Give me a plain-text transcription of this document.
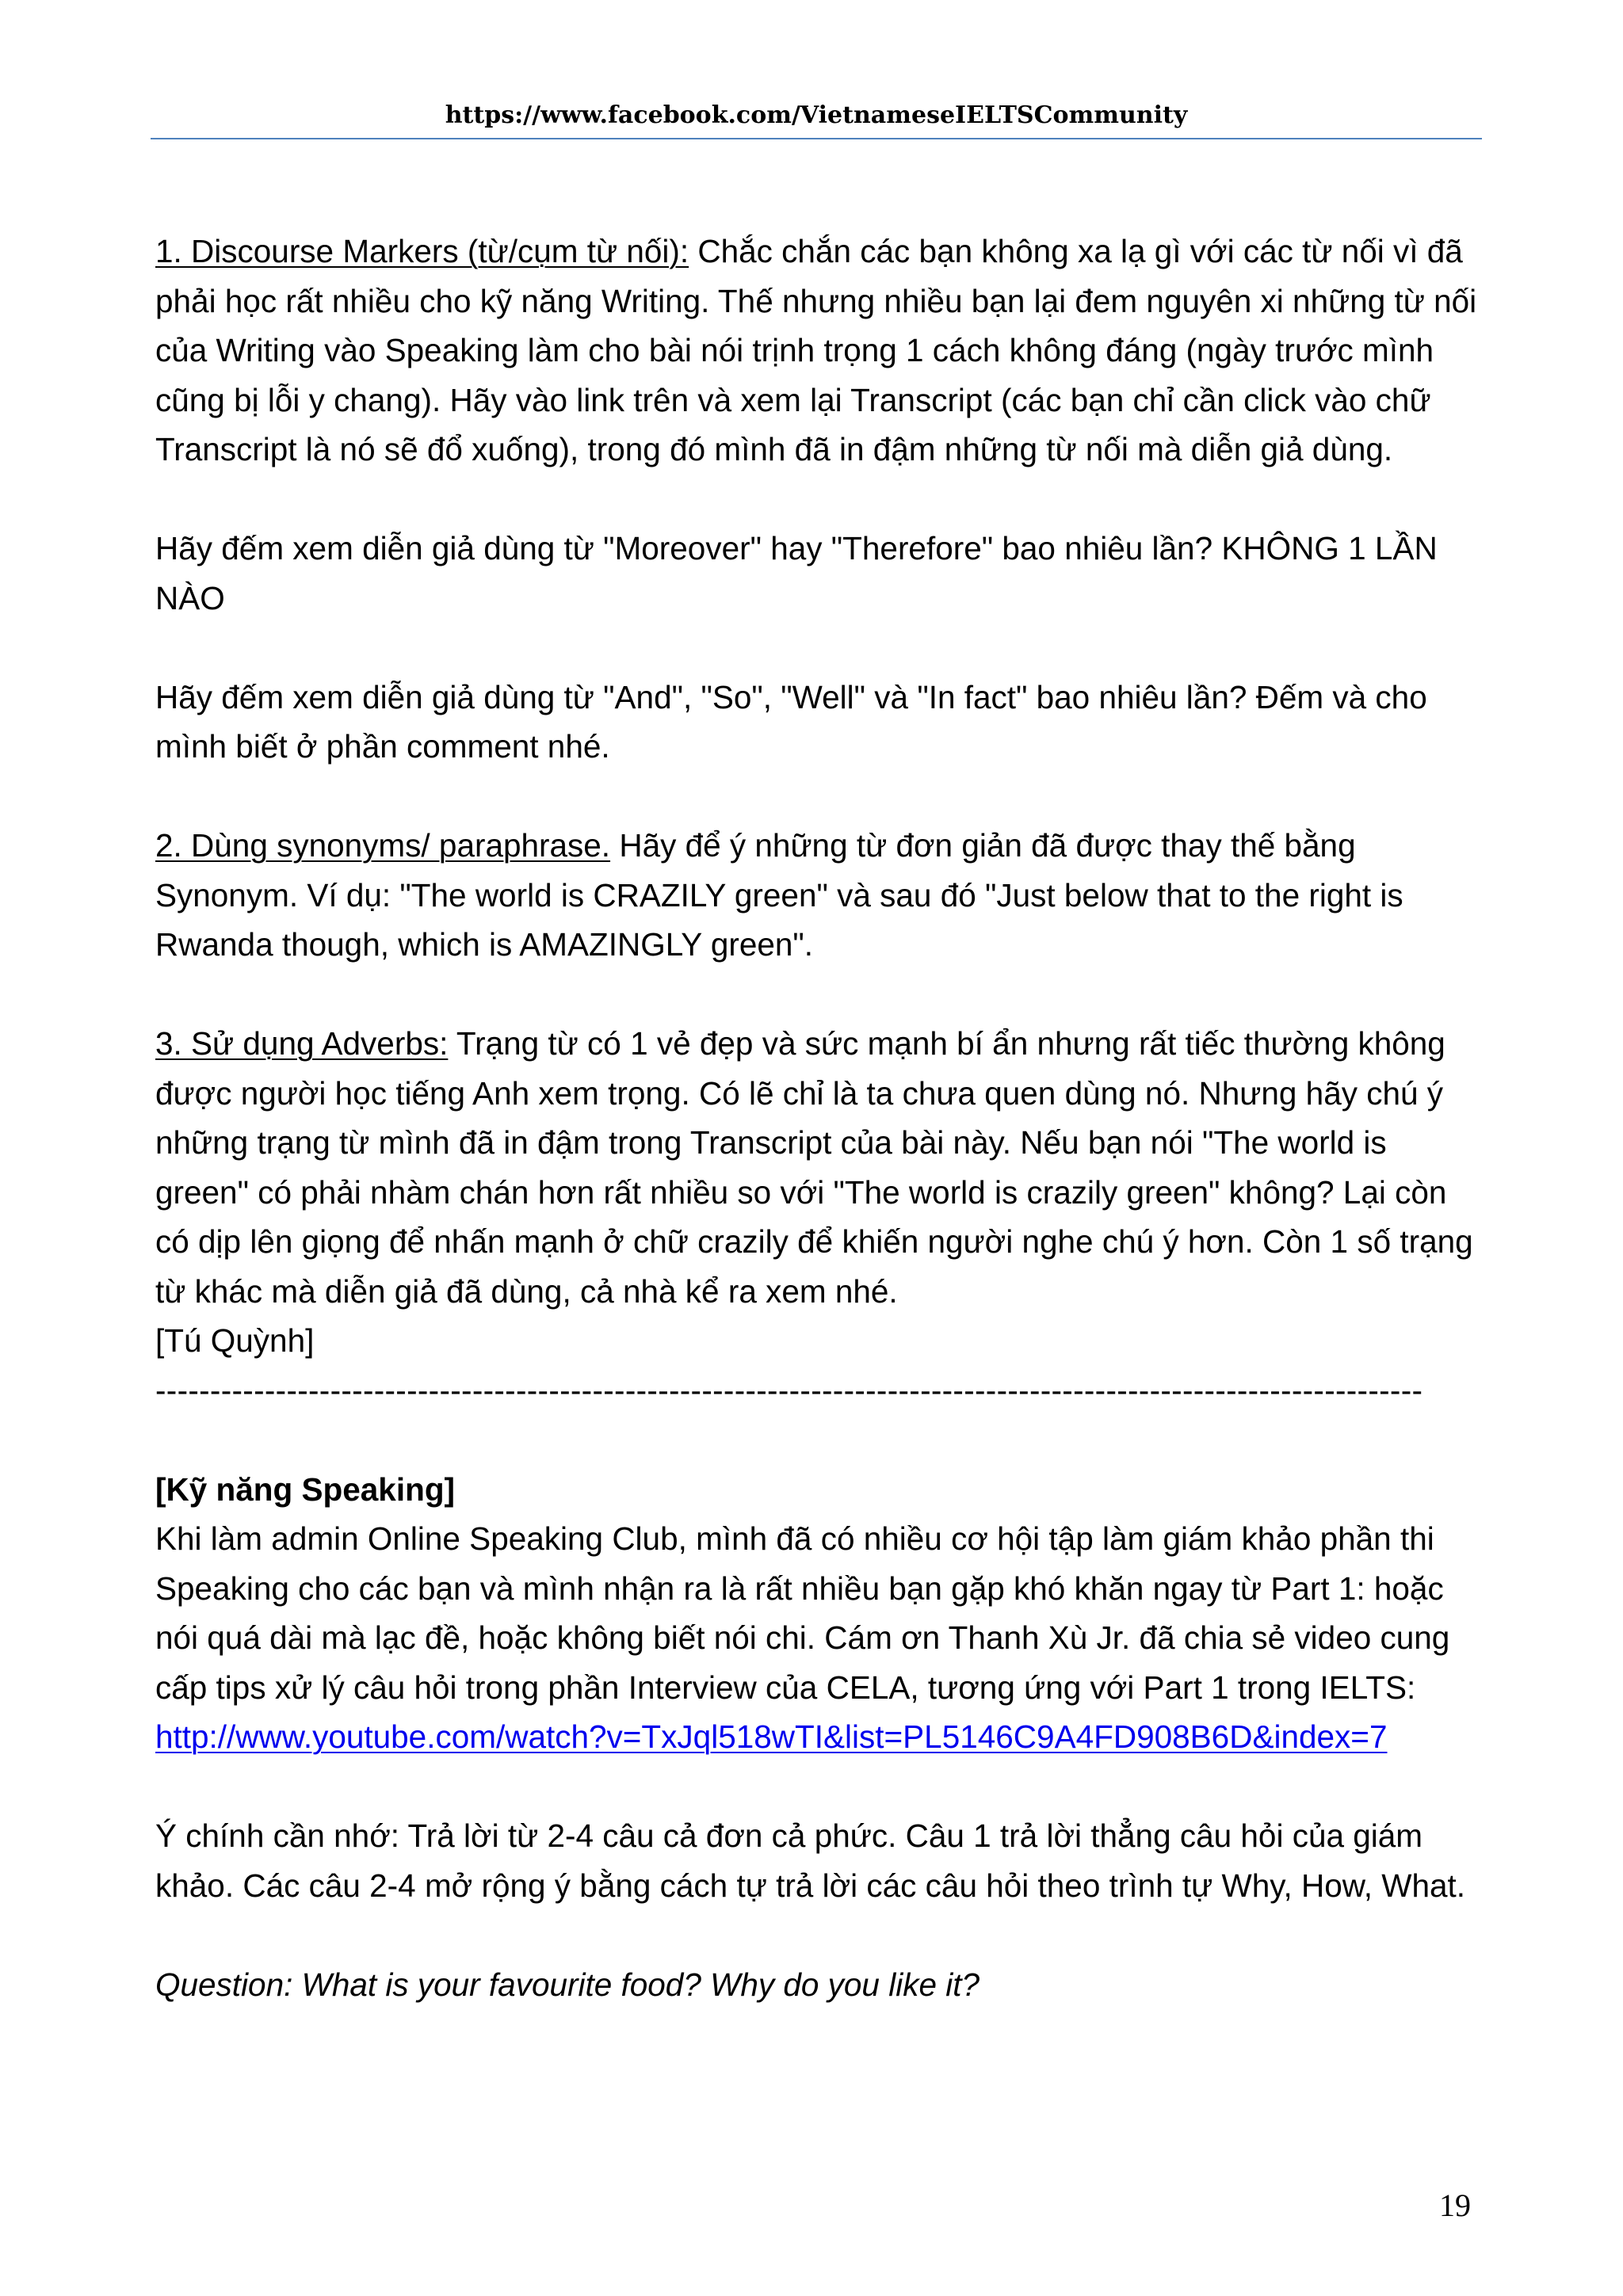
https://www.facebook.com/VietnameseIELTSCommunity

1. Discourse Markers (từ/cụm từ nối): Chắc chắn các bạn không xa lạ gì với các từ nối vì đã phải học rất nhiều cho kỹ năng Writing. Thế nhưng nhiều bạn lại đem nguyên xi những từ nối của Writing vào Speaking làm cho bài nói trịnh trọng 1 cách không đáng (ngày trước mình cũng bị lỗi y chang). Hãy vào link trên và xem lại Transcript (các bạn chỉ cần click vào chữ Transcript là nó sẽ đổ xuống), trong đó mình đã in đậm những từ nối mà diễn giả dùng.

Hãy đếm xem diễn giả dùng từ "Moreover" hay "Therefore" bao nhiêu lần? KHÔNG 1 LẦN NÀO

Hãy đếm xem diễn giả dùng từ "And", "So", "Well" và "In fact" bao nhiêu lần? Đếm và cho mình biết ở phần comment nhé.

2. Dùng synonyms/ paraphrase. Hãy để ý những từ đơn giản đã được thay thế bằng Synonym. Ví dụ: "The world is CRAZILY green" và sau đó "Just below that to the right is Rwanda though, which is AMAZINGLY green".

3. Sử dụng Adverbs: Trạng từ có 1 vẻ đẹp và sức mạnh bí ẩn nhưng rất tiếc thường không được người học tiếng Anh xem trọng. Có lẽ chỉ là ta chưa quen dùng nó. Nhưng hãy chú ý những trạng từ mình đã in đậm trong Transcript của bài này. Nếu bạn nói "The world is green" có phải nhàm chán hơn rất nhiều so với "The world is crazily green" không? Lại còn có dịp lên giọng để nhấn mạnh ở chữ crazily để khiến người nghe chú ý hơn. Còn 1 số trạng từ khác mà diễn giả đã dùng, cả nhà kể ra xem nhé.

[Tú Quỳnh]

--------------------------------------------------------------------------------------------------------------------

[Kỹ năng Speaking]

Khi làm admin Online Speaking Club, mình đã có nhiều cơ hội tập làm giám khảo phần thi Speaking cho các bạn và mình nhận ra là rất nhiều bạn gặp khó khăn ngay từ Part 1: hoặc nói quá dài mà lạc đề, hoặc không biết nói chi. Cám ơn Thanh Xù Jr. đã chia sẻ video cung cấp tips xử lý câu hỏi trong phần Interview của CELA, tương ứng với Part 1 trong IELTS:

http://www.youtube.com/watch?v=TxJql518wTI&list=PL5146C9A4FD908B6D&index=7

Ý chính cần nhớ: Trả lời từ 2-4 câu cả đơn cả phức. Câu 1 trả lời thẳng câu hỏi của giám khảo. Các câu 2-4 mở rộng ý bằng cách tự trả lời các câu hỏi theo trình tự Why, How, What.

Question: What is your favourite food? Why do you like it?

19
